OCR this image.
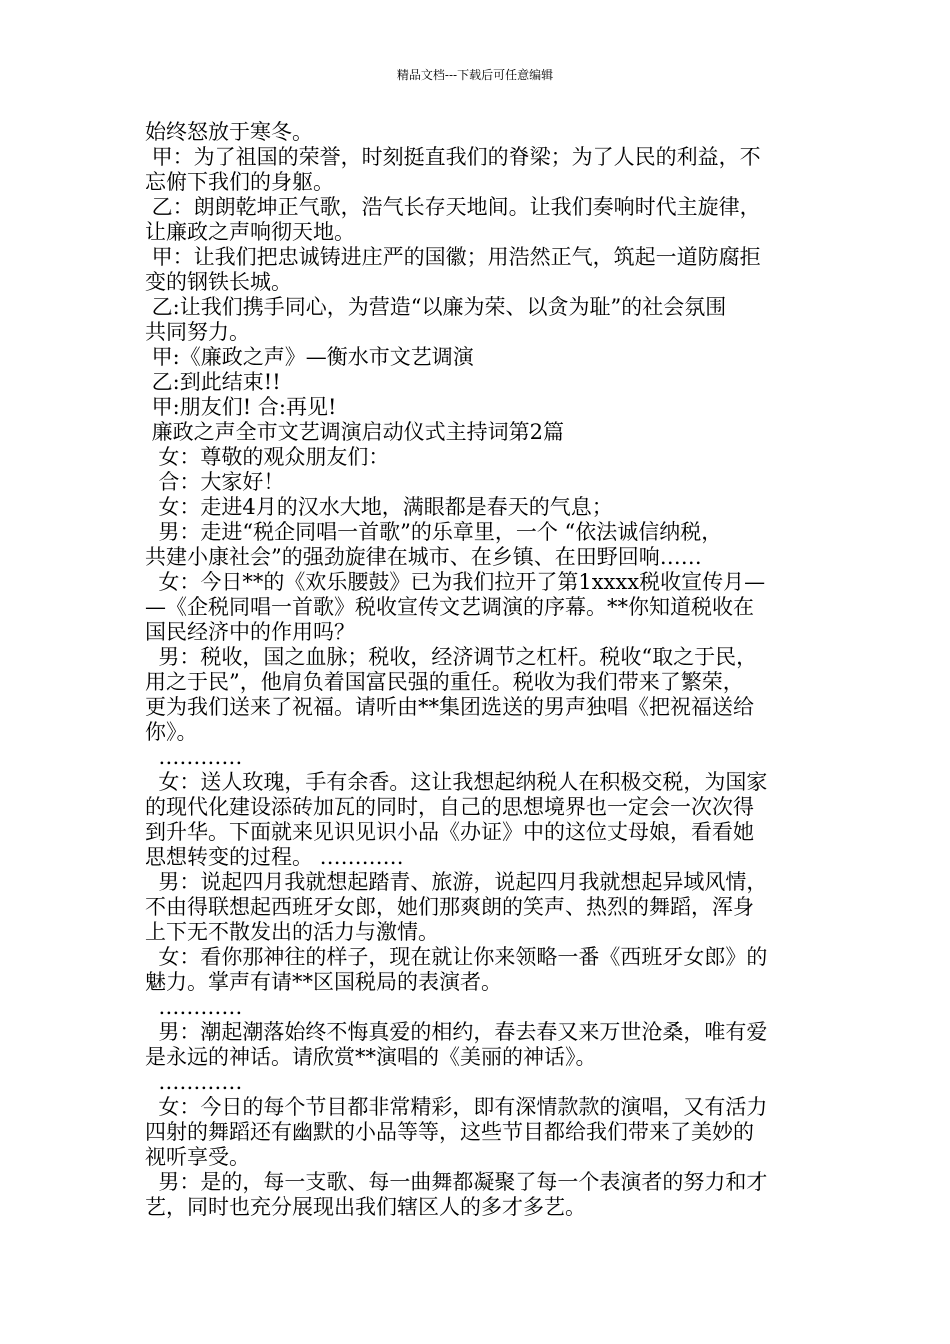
精品文档---下载后可任意编辑
始终怒放于寒冬。
甲：为了祖国的荣誉，时刻挺直我们的脊梁；为了人民的利益，不
忘俯下我们的身躯。
乙：朗朗乾坤正气歌，浩气长存天地间。让我们奏响时代主旋律，
让廉政之声响彻天地。
甲：让我们把忠诚铸进庄严的国徽；用浩然正气，筑起一道防腐拒
变的钢铁长城。
乙:让我们携手同心，为营造“以廉为荣、以贪为耻”的社会氛围
共同努力。
甲:《廉政之声》—衡水市文艺调演
乙:到此结束!!
甲:朋友们! 合:再见!
廉政之声全市文艺调演启动仪式主持词第2篇
女：尊敬的观众朋友们：
合：大家好！
女：走进4月的汉水大地，满眼都是春天的气息；
男：走进“税企同唱一首歌”的乐章里，一个 “依法诚信纳税，
共建小康社会”的强劲旋律在城市、在乡镇、在田野回响……
女：今日**的《欢乐腰鼓》已为我们拉开了第1xxxx税收宣传月—
—《企税同唱一首歌》税收宣传文艺调演的序幕。**你知道税收在
国民经济中的作用吗？
男：税收，国之血脉；税收，经济调节之杠杆。税收“取之于民，
用之于民”，他肩负着国富民强的重任。税收为我们带来了繁荣，
更为我们送来了祝福。请听由**集团选送的男声独唱《把祝福送给
你》。
…………
女：送人玫瑰，手有余香。这让我想起纳税人在积极交税，为国家
的现代化建设添砖加瓦的同时，自己的思想境界也一定会一次次得
到升华。下面就来见识见识小品《办证》中的这位丈母娘，看看她
思想转变的过程。 …………
男：说起四月我就想起踏青、旅游，说起四月我就想起异域风情，
不由得联想起西班牙女郎，她们那爽朗的笑声、热烈的舞蹈，浑身
上下无不散发出的活力与激情。
女：看你那神往的样子，现在就让你来领略一番《西班牙女郎》的
魅力。掌声有请**区国税局的表演者。
…………
男：潮起潮落始终不悔真爱的相约，春去春又来万世沧桑，唯有爱
是永远的神话。请欣赏**演唱的《美丽的神话》。
…………
女：今日的每个节目都非常精彩，即有深情款款的演唱，又有活力
四射的舞蹈还有幽默的小品等等，这些节目都给我们带来了美妙的
视听享受。
男：是的，每一支歌、每一曲舞都凝聚了每一个表演者的努力和才
艺，同时也充分展现出我们辖区人的多才多艺。
